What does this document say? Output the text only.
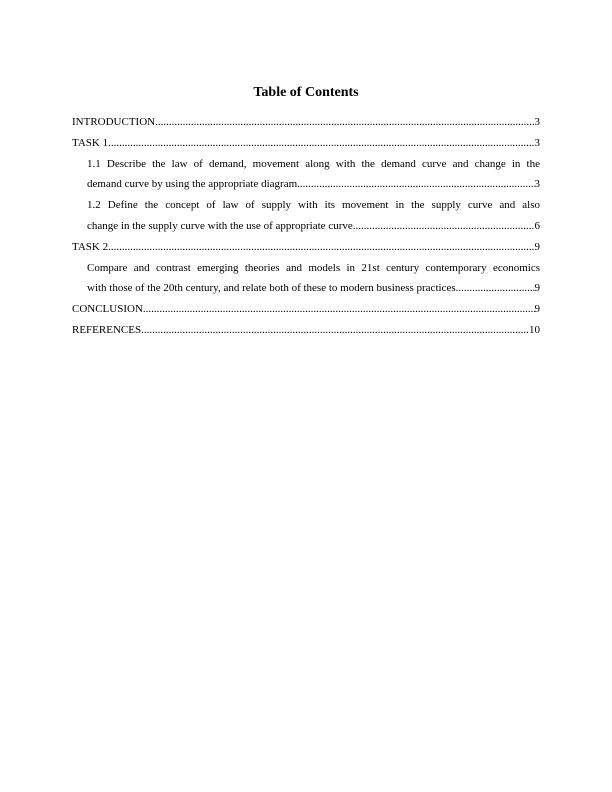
Table of Contents
INTRODUCTION .....	3
TASK 1 .....	3
1.1 Describe the law of demand, movement along with the demand curve and change in the
demand curve by using the appropriate diagram .....	3
1.2 Define the concept of law of supply with its movement in the supply curve and also
change in the supply curve with the use of appropriate curve .....	6
TASK 2 .....	9
Compare and contrast emerging theories and models in 21st century contemporary economics
with those of the 20th century, and relate both of these to modern business practices .....	9
CONCLUSION .....	9
REFERENCES .....	10
